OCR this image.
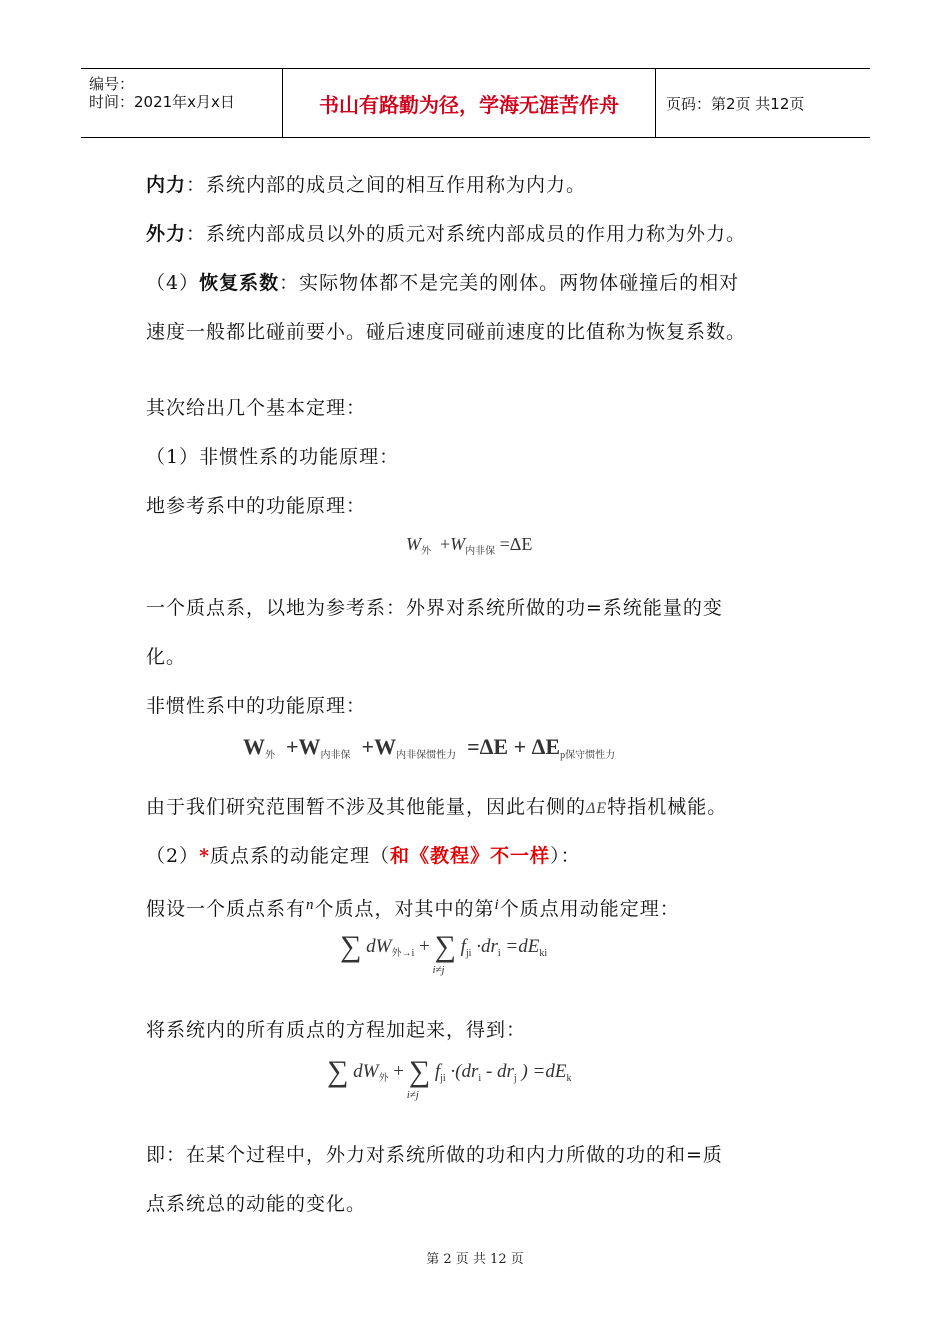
编号：
时间：2021年x月x日	书山有路勤为径，学海无涯苦作舟	页码：第2页 共12页
内力：系统内部的成员之间的相互作用称为内力。
外力：系统内部成员以外的质元对系统内部成员的作用力称为外力。
（4）恢复系数：实际物体都不是完美的刚体。两物体碰撞后的相对
速度一般都比碰前要小。碰后速度同碰前速度的比值称为恢复系数。
其次给出几个基本定理：
（1）非惯性系的功能原理：
地参考系中的功能原理：
$W_外 +W_{内非保} =\Delta E$
一个质点系，以地为参考系：外界对系统所做的功=系统能量的变
化。
非惯性系中的功能原理：
$W_外 +W_{内非保} +W_{内非保惯性力} =\Delta E + \Delta E_{p保守惯性力}$
由于我们研究范围暂不涉及其他能量，因此右侧的ΔE特指机械能。
（2）*质点系的动能定理（和《教程》不一样）：
假设一个质点系有$^n$个质点，对其中的第$^i$个质点用动能定理：
∑ $dW_{外\to i}$ + ∑
i≠j
$f_{ji} \cdot dr_i =dE_{ki}$
将系统内的所有质点的方程加起来，得到：
∑ $dW_外$ + ∑
i≠j
$f_{ji} \cdot(dr_i - dr_j$ ) $=dE_k$
即：在某个过程中，外力对系统所做的功和内力所做的功的和=质
点系统总的动能的变化。
第 2 页 共 12 页
